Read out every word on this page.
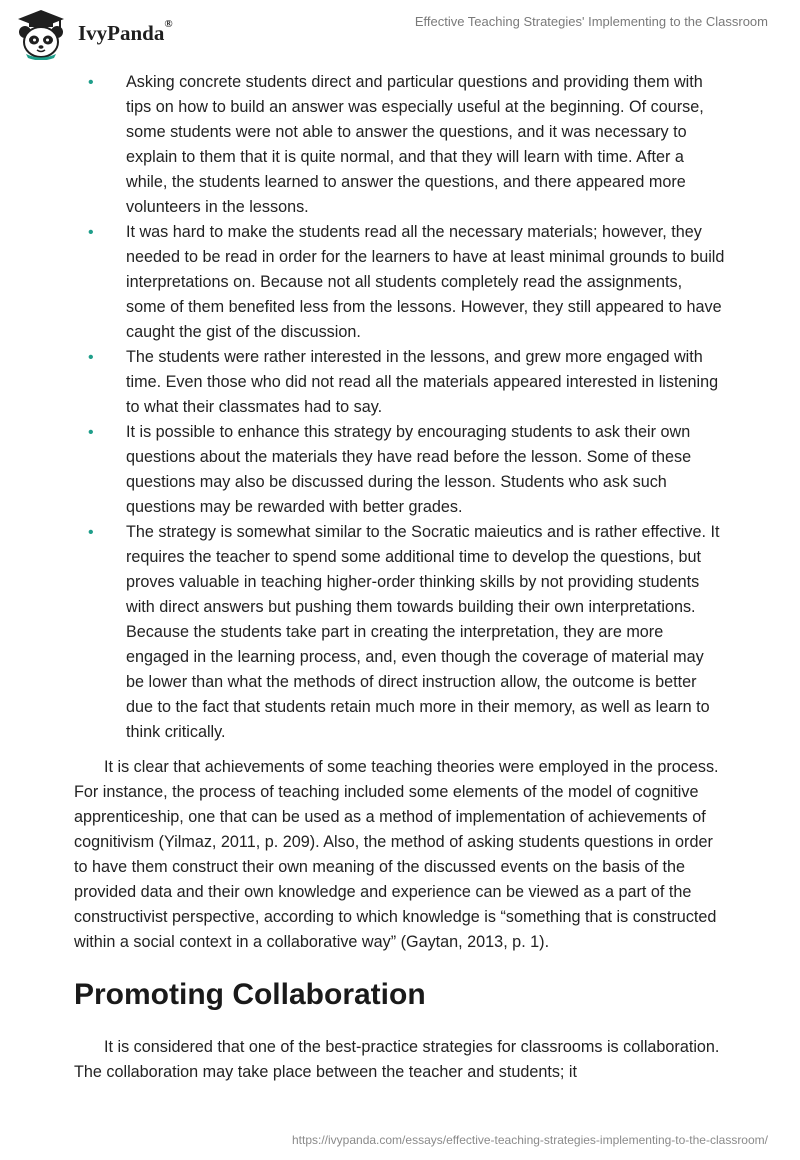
IvyPanda®	Effective Teaching Strategies' Implementing to the Classroom
• Asking concrete students direct and particular questions and providing them with tips on how to build an answer was especially useful at the beginning. Of course, some students were not able to answer the questions, and it was necessary to explain to them that it is quite normal, and that they will learn with time. After a while, the students learned to answer the questions, and there appeared more volunteers in the lessons.
• It was hard to make the students read all the necessary materials; however, they needed to be read in order for the learners to have at least minimal grounds to build interpretations on. Because not all students completely read the assignments, some of them benefited less from the lessons. However, they still appeared to have caught the gist of the discussion.
• The students were rather interested in the lessons, and grew more engaged with time. Even those who did not read all the materials appeared interested in listening to what their classmates had to say.
• It is possible to enhance this strategy by encouraging students to ask their own questions about the materials they have read before the lesson. Some of these questions may also be discussed during the lesson. Students who ask such questions may be rewarded with better grades.
• The strategy is somewhat similar to the Socratic maieutics and is rather effective. It requires the teacher to spend some additional time to develop the questions, but proves valuable in teaching higher-order thinking skills by not providing students with direct answers but pushing them towards building their own interpretations. Because the students take part in creating the interpretation, they are more engaged in the learning process, and, even though the coverage of material may be lower than what the methods of direct instruction allow, the outcome is better due to the fact that students retain much more in their memory, as well as learn to think critically.

It is clear that achievements of some teaching theories were employed in the process. For instance, the process of teaching included some elements of the model of cognitive apprenticeship, one that can be used as a method of implementation of achievements of cognitivism (Yilmaz, 2011, p. 209). Also, the method of asking students questions in order to have them construct their own meaning of the discussed events on the basis of the provided data and their own knowledge and experience can be viewed as a part of the constructivist perspective, according to which knowledge is “something that is constructed within a social context in a collaborative way” (Gaytan, 2013, p. 1).

Promoting Collaboration

It is considered that one of the best-practice strategies for classrooms is collaboration. The collaboration may take place between the teacher and students; it

https://ivypanda.com/essays/effective-teaching-strategies-implementing-to-the-classroom/
